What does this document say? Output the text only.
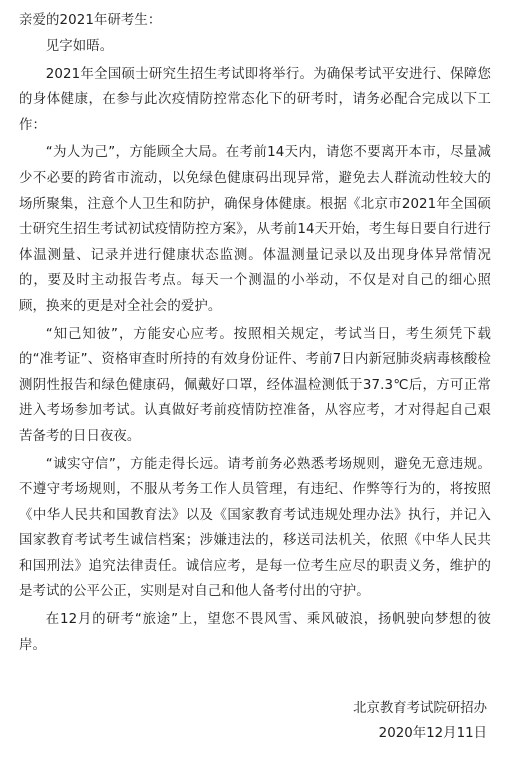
亲爱的2021年研考生：

见字如晤。

2021年全国硕士研究生招生考试即将举行。为确保考试平安进行、保障您的身体健康，在参与此次疫情防控常态化下的研考时，请务必配合完成以下工作：

“为人为己”，方能顾全大局。在考前14天内，请您不要离开本市，尽量减少不必要的跨省市流动，以免绿色健康码出现异常，避免去人群流动性较大的场所聚集，注意个人卫生和防护，确保身体健康。根据《北京市2021年全国硕士研究生招生考试初试疫情防控方案》，从考前14天开始，考生每日要自行进行体温测量、记录并进行健康状态监测。体温测量记录以及出现身体异常情况的，要及时主动报告考点。每天一个测温的小举动，不仅是对自己的细心照顾，换来的更是对全社会的爱护。

“知己知彼”，方能安心应考。按照相关规定，考试当日，考生须凭下载的“准考证”、资格审查时所持的有效身份证件、考前7日内新冠肺炎病毒核酸检测阴性报告和绿色健康码，佩戴好口罩，经体温检测低于37.3℃后，方可正常进入考场参加考试。认真做好考前疫情防控准备，从容应考，才对得起自己艰苦备考的日日夜夜。

“诚实守信”，方能走得长远。请考前务必熟悉考场规则，避免无意违规。不遵守考场规则，不服从考务工作人员管理，有违纪、作弊等行为的，将按照《中华人民共和国教育法》以及《国家教育考试违规处理办法》执行，并记入国家教育考试考生诚信档案；涉嫌违法的，移送司法机关，依照《中华人民共和国刑法》追究法律责任。诚信应考，是每一位考生应尽的职责义务，维护的是考试的公平公正，实则是对自己和他人备考付出的守护。

在12月的研考“旅途”上，望您不畏风雪、乘风破浪，扬帆驶向梦想的彼岸。

北京教育考试院研招办
2020年12月11日
